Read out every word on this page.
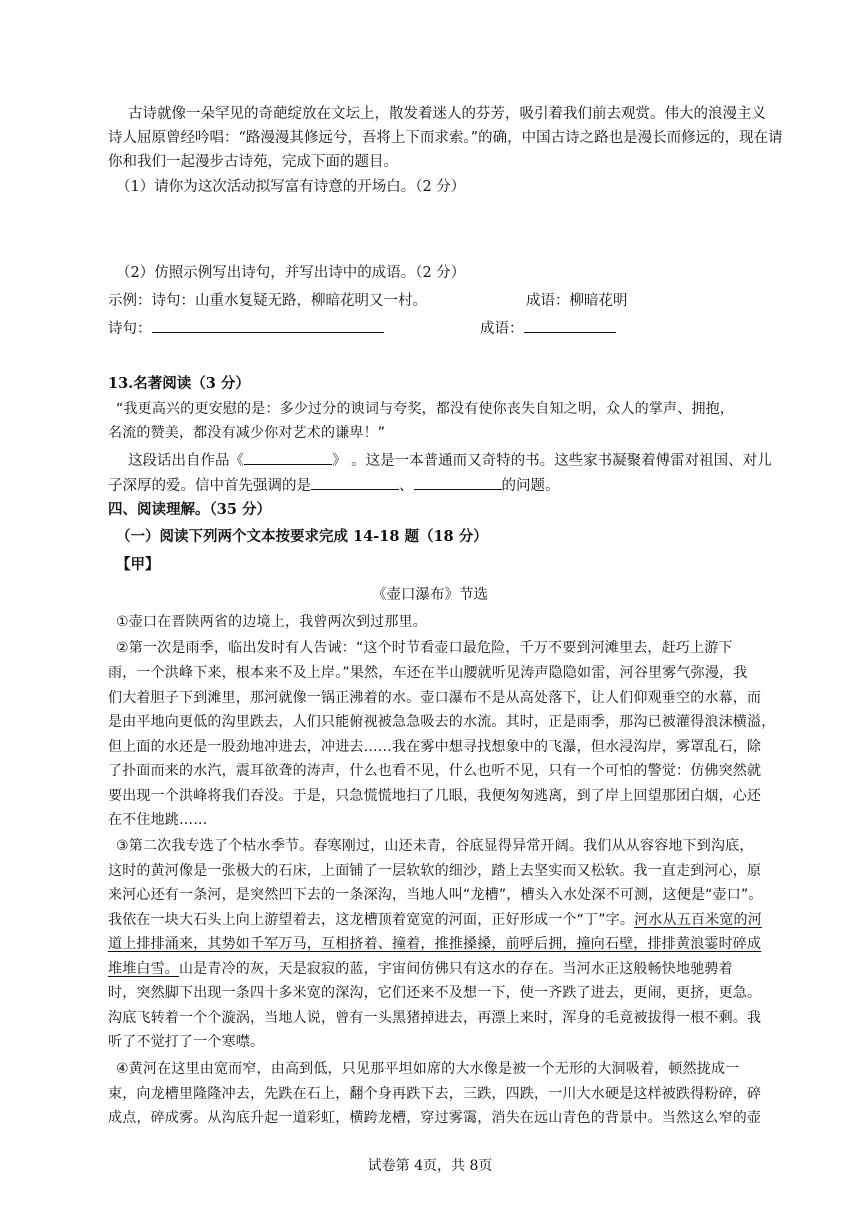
古诗就像一朵罕见的奇葩绽放在文坛上，散发着迷人的芬芳，吸引着我们前去观赏。伟大的浪漫主义
诗人屈原曾经吟唱：“路漫漫其修远兮，吾将上下而求索。”的确，中国古诗之路也是漫长而修远的，现在请
你和我们一起漫步古诗苑，完成下面的题目。
（1）请你为这次活动拟写富有诗意的开场白。（2 分）
（2）仿照示例写出诗句，并写出诗中的成语。（2 分）
示例：诗句：山重水复疑无路，柳暗花明又一村。	成语：柳暗花明
诗句：	成语：
13.名著阅读（3 分）
“我更高兴的更安慰的是：多少过分的谀词与夸奖，都没有使你丧失自知之明，众人的掌声、拥抱，
名流的赞美，都没有减少你对艺术的谦卑！”
这段话出自作品《	》 。这是一本普通而又奇特的书。这些家书凝聚着傅雷对祖国、对儿
子深厚的爱。信中首先强调的是	、	的问题。
四、阅读理解。（35 分）
（一）阅读下列两个文本按要求完成 14-18 题（18 分）
【甲】
《壶口瀑布》节选
①壶口在晋陕两省的边境上，我曾两次到过那里。
②第一次是雨季，临出发时有人告诫：“这个时节看壶口最危险，千万不要到河滩里去，赶巧上游下
雨，一个洪峰下来，根本来不及上岸。”果然，车还在半山腰就听见涛声隐隐如雷，河谷里雾气弥漫，我
们大着胆子下到滩里，那河就像一锅正沸着的水。壶口瀑布不是从高处落下，让人们仰观垂空的水幕，而
是由平地向更低的沟里跌去，人们只能俯视被急急吸去的水流。其时，正是雨季，那沟已被灌得浪沫横溢，
但上面的水还是一股劲地冲进去，冲进去……我在雾中想寻找想象中的飞瀑，但水浸沟岸，雾罩乱石，除
了扑面而来的水汽，震耳欲聋的涛声，什么也看不见，什么也听不见，只有一个可怕的警觉：仿佛突然就
要出现一个洪峰将我们吞没。于是，只急慌慌地扫了几眼，我便匆匆逃离，到了岸上回望那团白烟，心还
在不住地跳……
③第二次我专选了个枯水季节。春寒刚过，山还未青，谷底显得异常开阔。我们从从容容地下到沟底，
这时的黄河像是一张极大的石床，上面铺了一层软软的细沙，踏上去坚实而又松软。我一直走到河心，原
来河心还有一条河，是突然凹下去的一条深沟，当地人叫“龙槽”，槽头入水处深不可测，这便是“壶口”。
我依在一块大石头上向上游望着去，这龙槽顶着宽宽的河面，正好形成一个“丁”字。河水从五百米宽的河
道上排排涌来，其势如千军万马，互相挤着、撞着，推推搡搡，前呼后拥，撞向石壁，排排黄浪霎时碎成
堆堆白雪。山是青冷的灰，天是寂寂的蓝，宇宙间仿佛只有这水的存在。当河水正这般畅快地驰骋着
时，突然脚下出现一条四十多米宽的深沟，它们还来不及想一下，使一齐跌了进去，更闹，更挤，更急。
沟底飞转着一个个漩涡，当地人说，曾有一头黑猪掉进去，再漂上来时，浑身的毛竟被拔得一根不剩。我
听了不觉打了一个寒噤。
④黄河在这里由宽而窄，由高到低，只见那平坦如席的大水像是被一个无形的大洞吸着，顿然拢成一
束，向龙槽里隆隆冲去，先跌在石上，翻个身再跌下去，三跌，四跌，一川大水硬是这样被跌得粉碎，碎
成点，碎成雾。从沟底升起一道彩虹，横跨龙槽，穿过雾霭，消失在远山青色的背景中。当然这么窄的壶
试卷第 4页，共 8页
